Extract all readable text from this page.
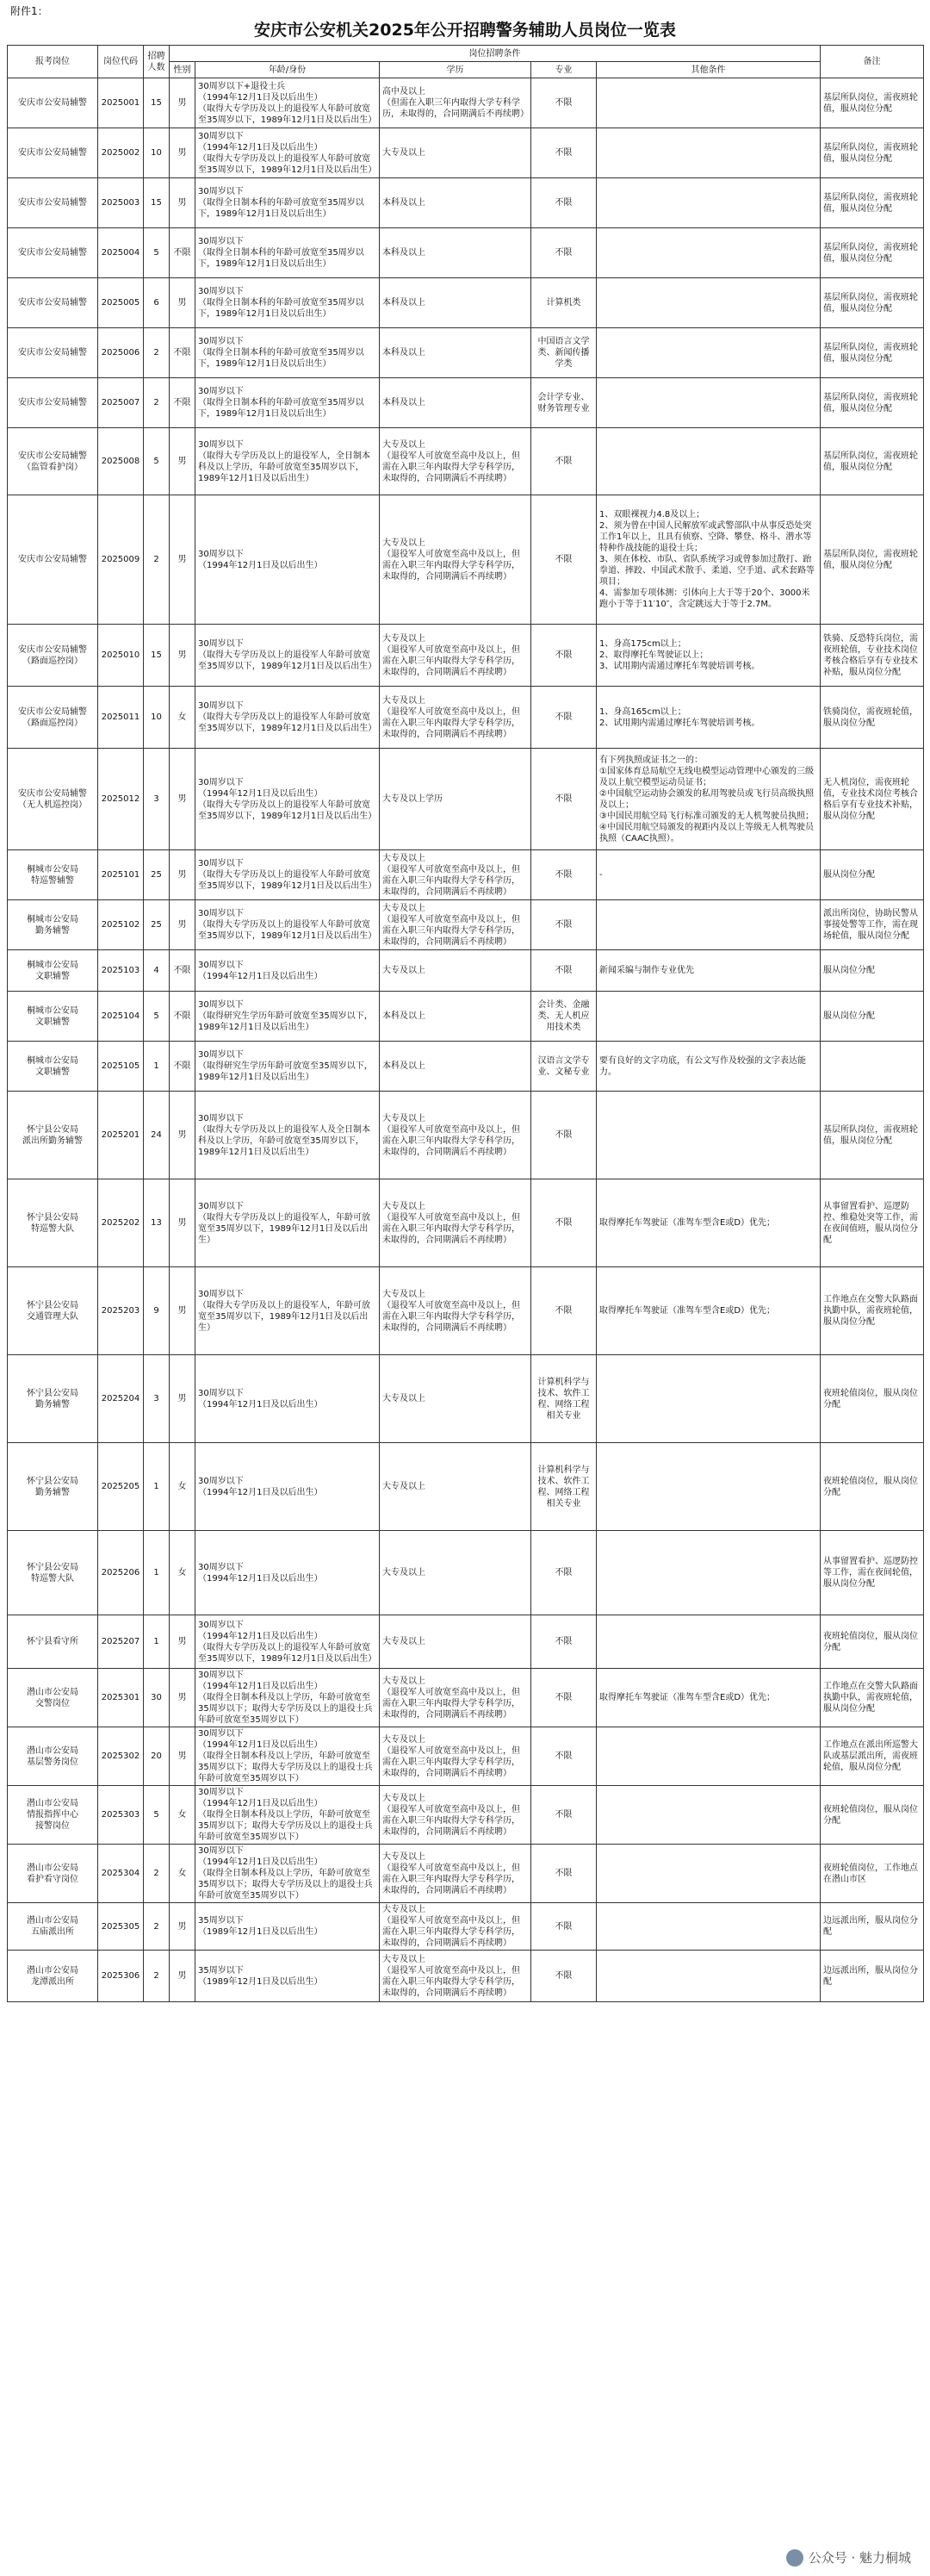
附件1：
安庆市公安机关2025年公开招聘警务辅助人员岗位一览表
报考岗位	岗位代码	招聘人数	岗位招聘条件					备注
			性别	年龄/身份	学历	专业	其他条件
安庆市公安局辅警	2025001	15	男	30周岁以下+退役士兵
（1994年12月1日及以后出生）
（取得大专学历及以上的退役军人年龄可放宽至35周岁以下，1989年12月1日及以后出生）	高中及以上
（但需在入职三年内取得大学专科学历，未取得的，合同期满后不再续聘）	不限		基层所队岗位，需夜班轮值，服从岗位分配
安庆市公安局辅警	2025002	10	男	30周岁以下
（1994年12月1日及以后出生）
（取得大专学历及以上的退役军人年龄可放宽至35周岁以下，1989年12月1日及以后出生）	大专及以上	不限		基层所队岗位，需夜班轮值，服从岗位分配
安庆市公安局辅警	2025003	15	男	30周岁以下
（取得全日制本科的年龄可放宽至35周岁以下，1989年12月1日及以后出生）	本科及以上	不限		基层所队岗位，需夜班轮值，服从岗位分配
安庆市公安局辅警	2025004	5	不限	30周岁以下
（取得全日制本科的年龄可放宽至35周岁以下，1989年12月1日及以后出生）	本科及以上	不限		基层所队岗位，需夜班轮值，服从岗位分配
安庆市公安局辅警	2025005	6	男	30周岁以下
（取得全日制本科的年龄可放宽至35周岁以下，1989年12月1日及以后出生）	本科及以上	计算机类		基层所队岗位，需夜班轮值，服从岗位分配
安庆市公安局辅警	2025006	2	不限	30周岁以下
（取得全日制本科的年龄可放宽至35周岁以下，1989年12月1日及以后出生）	本科及以上	中国语言文学类、新闻传播学类		基层所队岗位，需夜班轮值，服从岗位分配
安庆市公安局辅警	2025007	2	不限	30周岁以下
（取得全日制本科的年龄可放宽至35周岁以下，1989年12月1日及以后出生）	本科及以上	会计学专业、财务管理专业		基层所队岗位，需夜班轮值，服从岗位分配
安庆市公安局辅警
（监管看护岗）	2025008	5	男	30周岁以下
（取得大专学历及以上的退役军人，全日制本科及以上学历，年龄可放宽至35周岁以下，1989年12月1日及以后出生）	大专及以上
（退役军人可放宽至高中及以上，但需在入职三年内取得大学专科学历，未取得的，合同期满后不再续聘）	不限		基层所队岗位，需夜班轮值，服从岗位分配
安庆市公安局辅警	2025009	2	男	30周岁以下
（1994年12月1日及以后出生）	大专及以上
（退役军人可放宽至高中及以上，但需在入职三年内取得大学专科学历，未取得的，合同期满后不再续聘）	不限	1、双眼裸视力4.8及以上；
2、须为曾在中国人民解放军或武警部队中从事反恐处突工作1年以上，且具有侦察、空降、攀登、格斗、潜水等特种作战技能的退役士兵；
3、须在体校、市队、省队系统学习或曾参加过散打、跆拳道、摔跤、中国武术散手、柔道、空手道、武术套路等项目；
4、需参加专项体测：引体向上大于等于20个、3000米跑小于等于11′10″，含定跳远大于等于2.7M。	基层所队岗位，需夜班轮值，服从岗位分配
安庆市公安局辅警
（路面巡控岗）	2025010	15	男	30周岁以下
（取得大专学历及以上的退役军人年龄可放宽至35周岁以下，1989年12月1日及以后出生）	大专及以上
（退役军人可放宽至高中及以上，但需在入职三年内取得大学专科学历，未取得的，合同期满后不再续聘）	不限	1、身高175cm以上；
2、取得摩托车驾驶证以上；
3、试用期内需通过摩托车驾驶培训考核。	铁骑、反恐特兵岗位，需夜班轮值，专业技术岗位考核合格后享有专业技术补贴，服从岗位分配
安庆市公安局辅警
（路面巡控岗）	2025011	10	女	30周岁以下
（取得大专学历及以上的退役军人年龄可放宽至35周岁以下，1989年12月1日及以后出生）	大专及以上
（退役军人可放宽至高中及以上，但需在入职三年内取得大学专科学历，未取得的，合同期满后不再续聘）	不限	1、身高165cm以上；
2、试用期内需通过摩托车驾驶培训考核。	铁骑岗位，需夜班轮值，服从岗位分配
安庆市公安局辅警
（无人机巡控岗）	2025012	3	男	30周岁以下
（1994年12月1日及以后出生）
（取得大专学历及以上的退役军人年龄可放宽至35周岁以下，1989年12月1日及以后出生）	大专及以上学历	不限	有下列执照或证书之一的：
①国家体育总局航空无线电模型运动管理中心颁发的三级及以上航空模型运动员证书；
②中国航空运动协会颁发的私用驾驶员或飞行员高级执照及以上；
③中国民用航空局飞行标准司颁发的无人机驾驶员执照；
④中国民用航空局颁发的视距内及以上等级无人机驾驶员执照（CAAC执照）。	无人机岗位，需夜班轮值，专业技术岗位考核合格后享有专业技术补贴，服从岗位分配
桐城市公安局
特巡警辅警	2025101	25	男	30周岁以下
（取得大专学历及以上的退役军人年龄可放宽至35周岁以下，1989年12月1日及以后出生）	大专及以上
（退役军人可放宽至高中及以上，但需在入职三年内取得大学专科学历，未取得的，合同期满后不再续聘）	不限	-	服从岗位分配
桐城市公安局
勤务辅警	2025102	25	男	30周岁以下
（取得大专学历及以上的退役军人年龄可放宽至35周岁以下，1989年12月1日及以后出生）	大专及以上
（退役军人可放宽至高中及以上，但需在入职三年内取得大学专科学历，未取得的，合同期满后不再续聘）	不限		派出所岗位，协助民警从事接处警等工作，需在现场轮值，服从岗位分配
桐城市公安局
文职辅警	2025103	4	不限	30周岁以下
（1994年12月1日及以后出生）	大专及以上	不限	新闻采编与制作专业优先	服从岗位分配
桐城市公安局
文职辅警	2025104	5	不限	30周岁以下
（取得研究生学历年龄可放宽至35周岁以下，1989年12月1日及以后出生）	本科及以上	会计类、金融类、无人机应用技术类		服从岗位分配
桐城市公安局
文职辅警	2025105	1	不限	30周岁以下
（取得研究生学历年龄可放宽至35周岁以下，1989年12月1日及以后出生）	本科及以上	汉语言文学专业、文秘专业	要有良好的文字功底，有公文写作及较强的文字表达能力。	
怀宁县公安局
派出所勤务辅警	2025201	24	男	30周岁以下
（取得大专学历及以上的退役军人及全日制本科及以上学历，年龄可放宽至35周岁以下，1989年12月1日及以后出生）	大专及以上
（退役军人可放宽至高中及以上，但需在入职三年内取得大学专科学历，未取得的，合同期满后不再续聘）	不限		基层所队岗位，需夜班轮值，服从岗位分配
怀宁县公安局
特巡警大队	2025202	13	男	30周岁以下
（取得大专学历及以上的退役军人，年龄可放宽至35周岁以下，1989年12月1日及以后出生）	大专及以上
（退役军人可放宽至高中及以上，但需在入职三年内取得大学专科学历，未取得的，合同期满后不再续聘）	不限	取得摩托车驾驶证（准驾车型含E或D）优先；	从事留置看护、巡逻防控、维稳处突等工作，需在夜间值班，服从岗位分配
怀宁县公安局
交通管理大队	2025203	9	男	30周岁以下
（取得大专学历及以上的退役军人，年龄可放宽至35周岁以下，1989年12月1日及以后出生）	大专及以上
（退役军人可放宽至高中及以上，但需在入职三年内取得大学专科学历，未取得的，合同期满后不再续聘）	不限	取得摩托车驾驶证（准驾车型含E或D）优先；	工作地点在交警大队路面执勤中队，需夜班轮值，服从岗位分配
怀宁县公安局
勤务辅警	2025204	3	男	30周岁以下
（1994年12月1日及以后出生）	大专及以上	计算机科学与技术、软件工程、网络工程相关专业		夜班轮值岗位，服从岗位分配
怀宁县公安局
勤务辅警	2025205	1	女	30周岁以下
（1994年12月1日及以后出生）	大专及以上	计算机科学与技术、软件工程、网络工程相关专业		夜班轮值岗位，服从岗位分配
怀宁县公安局
特巡警大队	2025206	1	女	30周岁以下
（1994年12月1日及以后出生）	大专及以上	不限		从事留置看护、巡逻防控等工作，需在夜间轮值，服从岗位分配
怀宁县看守所	2025207	1	男	30周岁以下
（1994年12月1日及以后出生）
（取得大专学历及以上的退役军人年龄可放宽至35周岁以下，1989年12月1日及以后出生）	大专及以上	不限		夜班轮值岗位，服从岗位分配
潜山市公安局
交警岗位	2025301	30	男	30周岁以下
（1994年12月1日及以后出生）
（取得全日制本科及以上学历，年龄可放宽至35周岁以下；取得大专学历及以上的退役士兵年龄可放宽至35周岁以下）	大专及以上
（退役军人可放宽至高中及以上，但需在入职三年内取得大学专科学历，未取得的，合同期满后不再续聘）	不限	取得摩托车驾驶证（准驾车型含E或D）优先；	工作地点在交警大队路面执勤中队，需夜班轮值，服从岗位分配
潜山市公安局
基层警务岗位	2025302	20	男	30周岁以下
（1994年12月1日及以后出生）
（取得全日制本科及以上学历，年龄可放宽至35周岁以下；取得大专学历及以上的退役士兵年龄可放宽至35周岁以下）	大专及以上
（退役军人可放宽至高中及以上，但需在入职三年内取得大学专科学历，未取得的，合同期满后不再续聘）	不限		工作地点在派出所巡警大队或基层派出所，需夜班轮值，服从岗位分配
潜山市公安局
情报指挥中心
接警岗位	2025303	5	女	30周岁以下
（1994年12月1日及以后出生）
（取得全日制本科及以上学历，年龄可放宽至35周岁以下；取得大专学历及以上的退役士兵年龄可放宽至35周岁以下）	大专及以上
（退役军人可放宽至高中及以上，但需在入职三年内取得大学专科学历，未取得的，合同期满后不再续聘）	不限		夜班轮值岗位，服从岗位分配
潜山市公安局
看护看守岗位	2025304	2	女	30周岁以下
（1994年12月1日及以后出生）
（取得全日制本科及以上学历，年龄可放宽至35周岁以下；取得大专学历及以上的退役士兵年龄可放宽至35周岁以下）	大专及以上
（退役军人可放宽至高中及以上，但需在入职三年内取得大学专科学历，未取得的，合同期满后不再续聘）	不限		夜班轮值岗位，工作地点在潜山市区
潜山市公安局
五庙派出所	2025305	2	男	35周岁以下
（1989年12月1日及以后出生）	大专及以上
（退役军人可放宽至高中及以上，但需在入职三年内取得大学专科学历，未取得的，合同期满后不再续聘）	不限		边远派出所，服从岗位分配
潜山市公安局
龙潭派出所	2025306	2	男	35周岁以下
（1989年12月1日及以后出生）	大专及以上
（退役军人可放宽至高中及以上，但需在入职三年内取得大学专科学历，未取得的，合同期满后不再续聘）	不限		边远派出所，服从岗位分配
公众号 · 魅力桐城
